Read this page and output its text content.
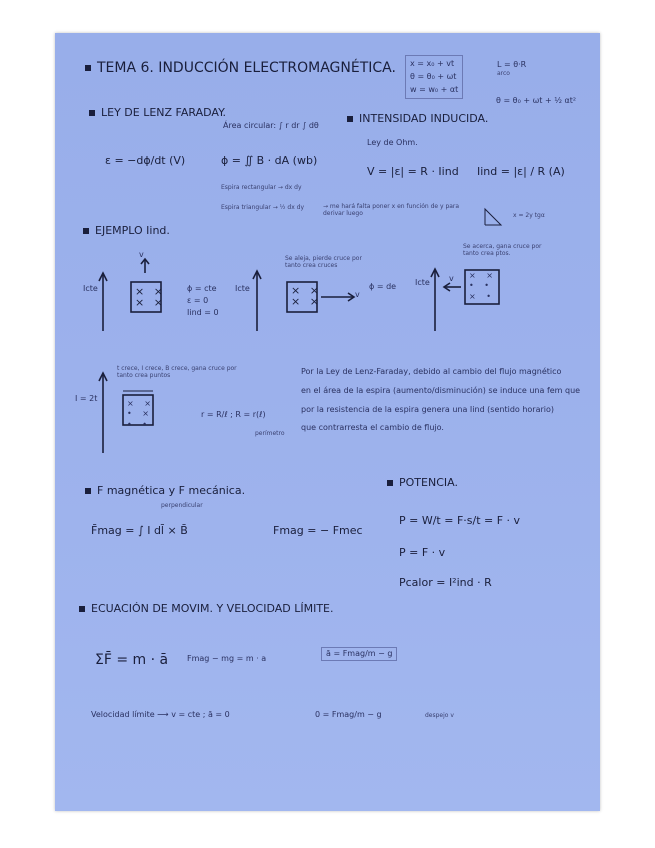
TEMA 6. INDUCCIÓN ELECTROMAGNÉTICA. x = x₀ + vt
θ = θ₀ + ωt
w = w₀ + αt
L = θ·R
arco
θ = θ₀ + ωt + ½ αt²
LEY DE LENZ FARADAY.
Área circular: ∫ r dr ∫ dθ
ε = −dϕ/dt (V)	ϕ = ∬ B · dA (wb)
Espira rectangular → dx dy
Espira triangular → ½ dx dy	→ me hará falta poner x en función de y para derivar luego	x = 2y tgα
INTENSIDAD INDUCIDA.
Ley de Ohm.
V = |ε| = R · Iind Iind = |ε| / R (A)
EJEMPLO Iind.
× ×
× ×
× ×
× ×
× ×
• •
× •
× ×
• ×
• •
v
v
v
Icte	Icte
Icte
I = 2t
ϕ = cte
ε = 0
Iind = 0
Se aleja, pierde cruce por tanto crea cruces
ϕ = de
Se acerca, gana cruce por tanto crea ptos.
t crece, I crece, B crece, gana cruce por tanto crea puntos
r = R/ℓ ; R = r(ℓ)
perímetro
Por la Ley de Lenz-Faraday, debido al cambio del flujo magnético
en el área de la espira (aumento/disminución) se induce una fem que
por la resistencia de la espira genera una Iind (sentido horario)
que contrarresta el cambio de flujo.
F magnética y F mecánica.
F̄mag = ∫ I dl̄ × B̄
perpendicular
Fmag = − Fmec
POTENCIA.
P = W/t = F·s/t = F · v
P = F · v
Pcalor = I²ind · R
ECUACIÓN DE MOVIM. Y VELOCIDAD LÍMITE.
ΣF̄ = m · ā Fmag − mg = m · a
ā = Fmag/m − g
Velocidad límite ⟶ v = cte ; ā = 0	0 = Fmag/m − g	despejo v
